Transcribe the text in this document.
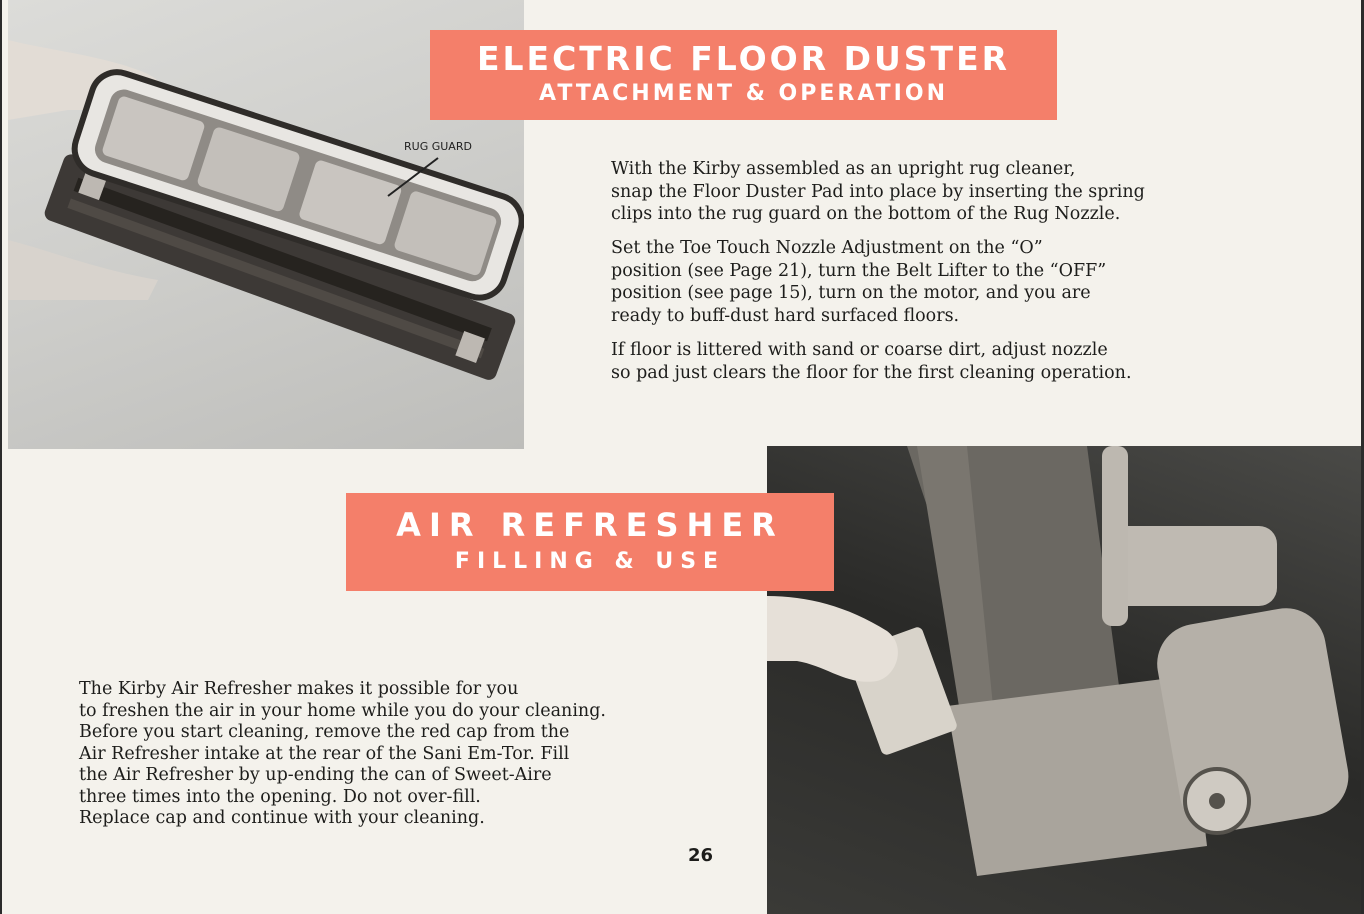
RUG GUARD
ELECTRIC FLOOR DUSTER
ATTACHMENT & OPERATION

With the Kirby assembled as an upright rug cleaner,
snap the Floor Duster Pad into place by inserting the spring
clips into the rug guard on the bottom of the Rug Nozzle.

Set the Toe Touch Nozzle Adjustment on the “O”
position (see Page 21), turn the Belt Lifter to the “OFF”
position (see page 15), turn on the motor, and you are
ready to buff-dust hard surfaced floors.

If floor is littered with sand or coarse dirt, adjust nozzle
so pad just clears the floor for the first cleaning operation.

AIR REFRESHER
FILLING & USE

The Kirby Air Refresher makes it possible for you
to freshen the air in your home while you do your cleaning.
Before you start cleaning, remove the red cap from the
Air Refresher intake at the rear of the Sani Em-Tor. Fill
the Air Refresher by up-ending the can of Sweet-Aire
three times into the opening. Do not over-fill.
Replace cap and continue with your cleaning.

26
